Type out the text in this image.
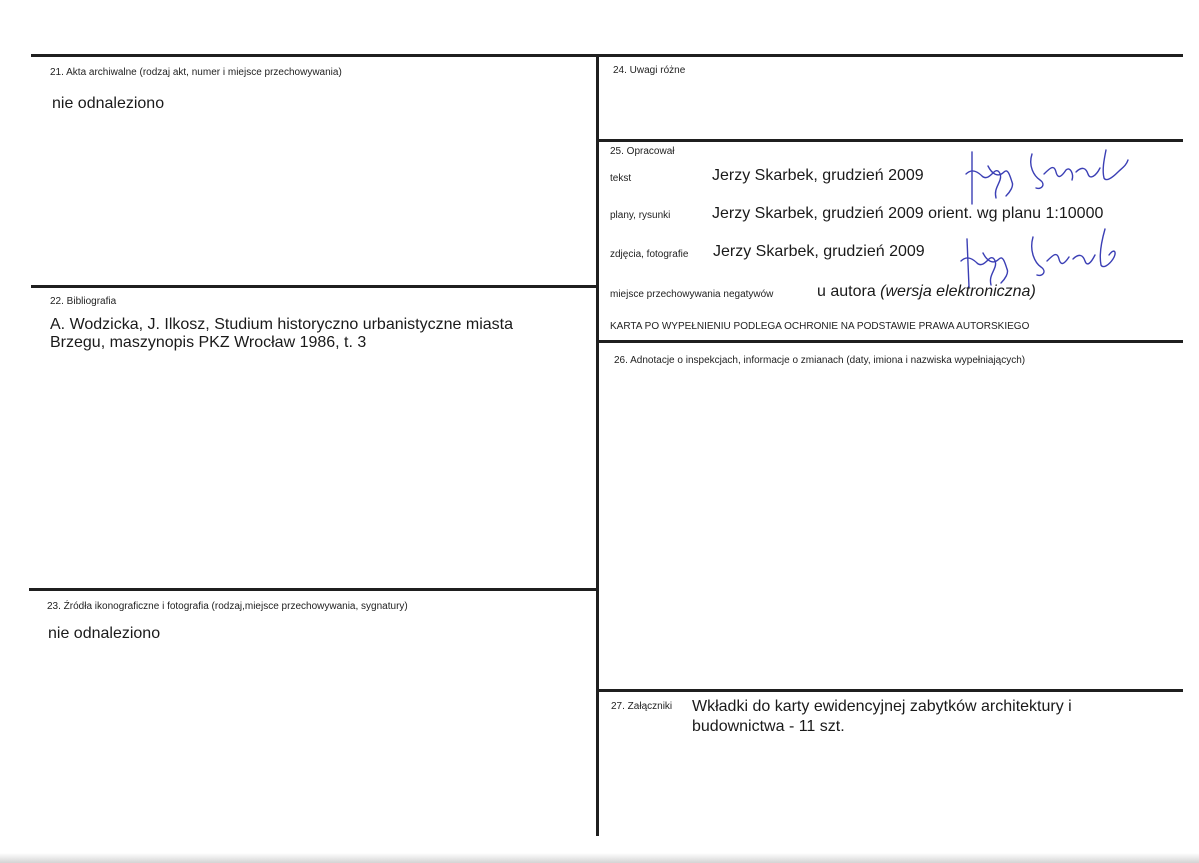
21. Akta archiwalne (rodzaj akt, numer i miejsce przechowywania)
nie odnaleziono
22. Bibliografia
A. Wodzicka, J. Ilkosz, Studium historyczno urbanistyczne miasta
Brzegu, maszynopis PKZ Wrocław 1986, t. 3
23. Źródła ikonograficzne i fotografia (rodzaj,miejsce przechowywania, sygnatury)
nie odnaleziono
24. Uwagi różne
25. Opracował
tekst	Jerzy Skarbek, grudzień 2009
plany, rysunki	Jerzy Skarbek, grudzień 2009 orient. wg planu 1:10000
zdjęcia, fotografie Jerzy Skarbek, grudzień 2009
miejsce przechowywania negatywów	u autora (wersja elektroniczna)
KARTA PO WYPEŁNIENIU PODLEGA OCHRONIE NA PODSTAWIE PRAWA AUTORSKIEGO
26. Adnotacje o inspekcjach, informacje o zmianach (daty, imiona i nazwiska wypełniających)
27. Załączniki Wkładki do karty ewidencyjnej zabytków architektury i
budownictwa - 11 szt.
